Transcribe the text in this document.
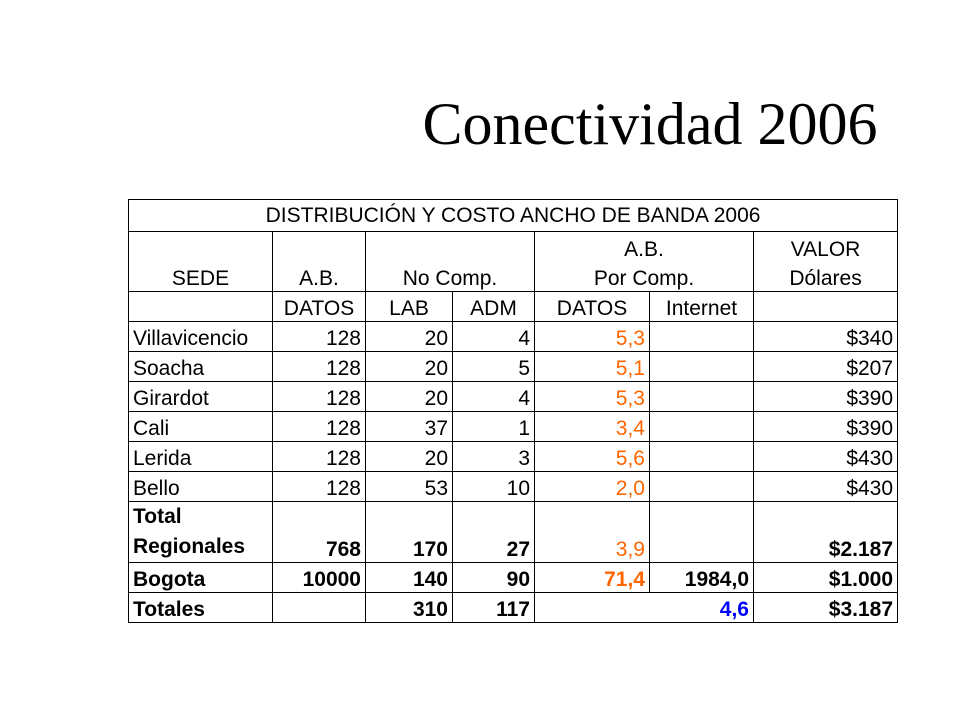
Conectividad 2006
DISTRIBUCIÓN Y COSTO ANCHO DE BANDA 2006						
				A.B.		VALOR
SEDE	A.B.	No Comp.		Por Comp.		Dólares
	DATOS	LAB	ADM	DATOS	Internet	
Villavicencio	128	20	4	5,3		$340
Soacha	128	20	5	5,1		$207
Girardot	128	20	4	5,3		$390
Cali	128	37	1	3,4		$390
Lerida	128	20	3	5,6		$430
Bello	128	53	10	2,0		$430
Total
Regionales	768	170	27	3,9		$2.187
Bogota	10000	140	90	71,4	1984,0	$1.000
Totales		310	117		4,6	$3.187
